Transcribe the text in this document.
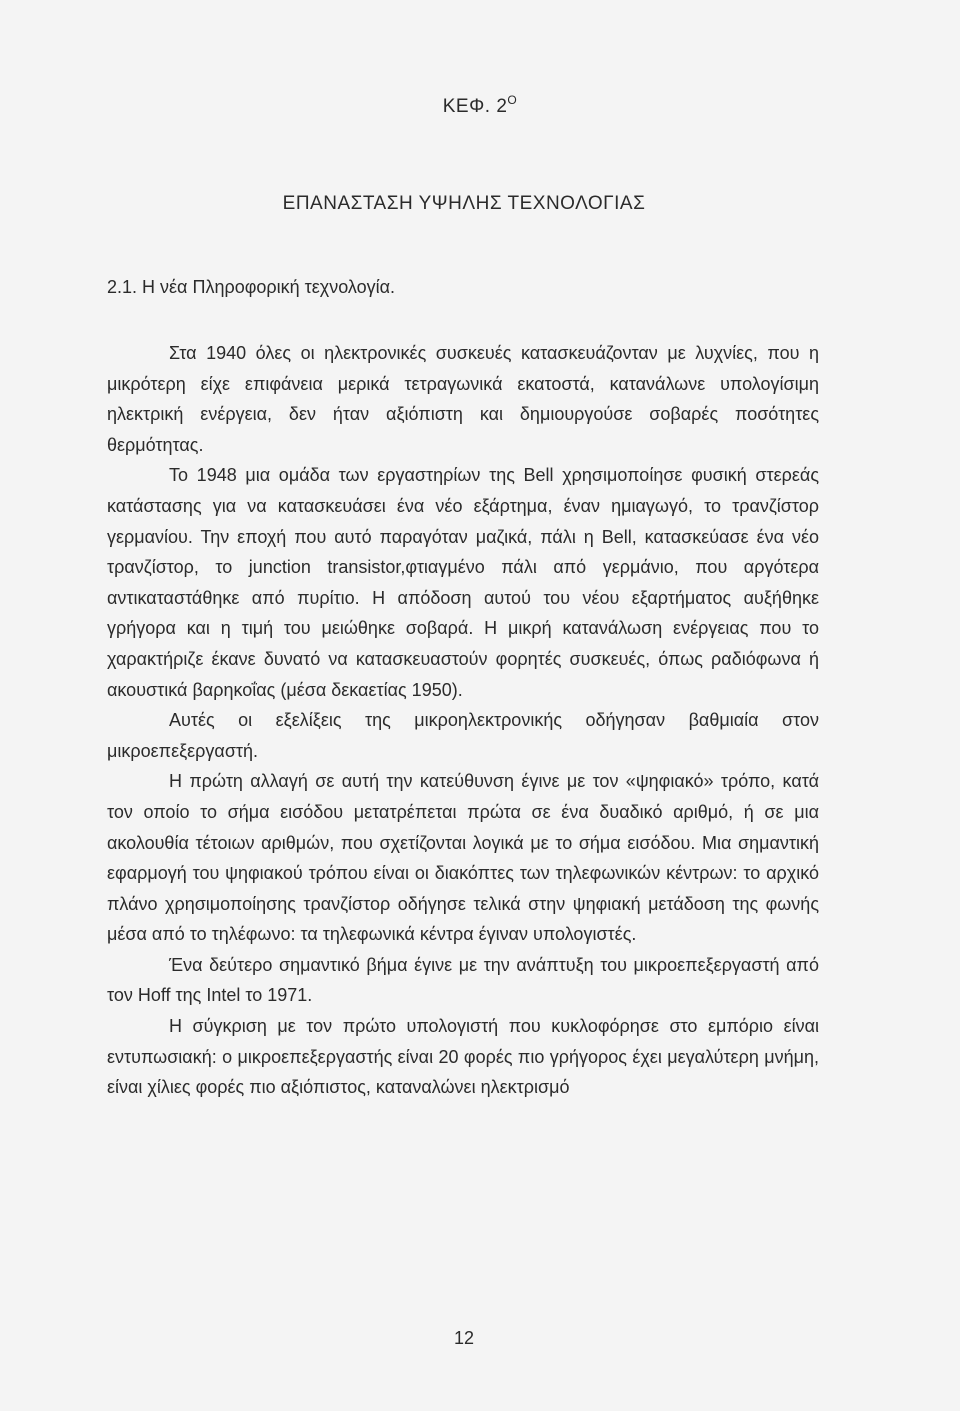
ΚΕΦ. $2^O$
ΕΠΑΝΑΣΤΑΣΗ ΥΨΗΛΗΣ ΤΕΧΝΟΛΟΓΙΑΣ
2.1. Η νέα Πληροφορική τεχνολογία.

Στα 1940 όλες οι ηλεκτρονικές συσκευές κατασκευάζονταν με λυχνίες, που η μικρότερη είχε επιφάνεια μερικά τετραγωνικά εκατοστά, κατανάλωνε υπολογίσιμη ηλεκτρική ενέργεια, δεν ήταν αξιόπιστη και δημιουργούσε σοβαρές ποσότητες θερμότητας.

Το 1948 μια ομάδα των εργαστηρίων της Bell χρησιμοποίησε φυσική στερεάς κατάστασης για να κατασκευάσει ένα νέο εξάρτημα, έναν ημιαγωγό, το τρανζίστορ γερμανίου. Την εποχή που αυτό παραγόταν μαζικά, πάλι η Bell, κατασκεύασε ένα νέο τρανζίστορ, το junction transistor,φτιαγμένο πάλι από γερμάνιο, που αργότερα αντικαταστάθηκε από πυρίτιο. Η απόδοση αυτού του νέου εξαρτήματος αυξήθηκε γρήγορα και η τιμή του μειώθηκε σοβαρά. Η μικρή κατανάλωση ενέργειας που το χαρακτήριζε έκανε δυνατό να κατασκευαστούν φορητές συσκευές, όπως ραδιόφωνα ή ακουστικά βαρηκοΐας (μέσα δεκαετίας 1950).

Αυτές οι εξελίξεις της μικροηλεκτρονικής οδήγησαν βαθμιαία στον μικροεπεξεργαστή.

Η πρώτη αλλαγή σε αυτή την κατεύθυνση έγινε με τον «ψηφιακό» τρόπο, κατά τον οποίο το σήμα εισόδου μετατρέπεται πρώτα σε ένα δυαδικό αριθμό, ή σε μια ακολουθία τέτοιων αριθμών, που σχετίζονται λογικά με το σήμα εισόδου. Μια σημαντική εφαρμογή του ψηφιακού τρόπου είναι οι διακόπτες των τηλεφωνικών κέντρων: το αρχικό πλάνο χρησιμοποίησης τρανζίστορ οδήγησε τελικά στην ψηφιακή μετάδοση της φωνής μέσα από το τηλέφωνο: τα τηλεφωνικά κέντρα έγιναν υπολογιστές.

Ένα δεύτερο σημαντικό βήμα έγινε με την ανάπτυξη του μικροεπεξεργαστή από τον Hoff της Intel το 1971.

Η σύγκριση με τον πρώτο υπολογιστή που κυκλοφόρησε στο εμπόριο είναι εντυπωσιακή: ο μικροεπεξεργαστής είναι 20 φορές πιο γρήγορος έχει μεγαλύτερη μνήμη, είναι χίλιες φορές πιο αξιόπιστος, καταναλώνει ηλεκτρισμό

12
